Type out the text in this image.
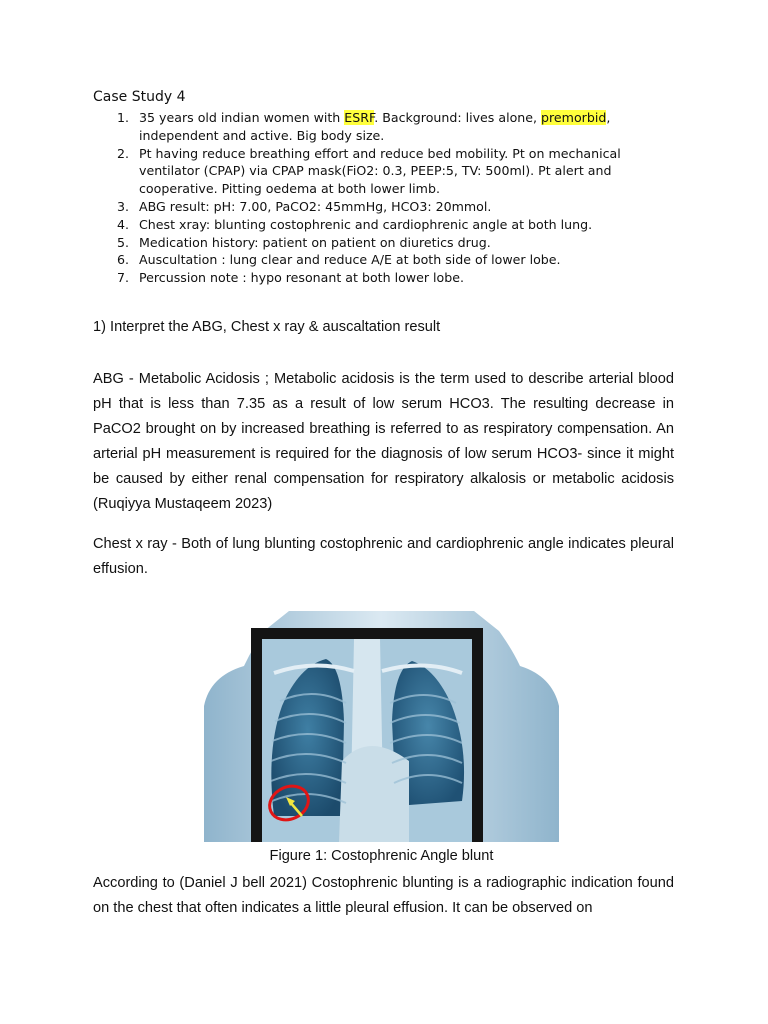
Case Study 4
1. 35 years old indian women with ESRF. Background: lives alone, premorbid, independent and active. Big body size.
2. Pt having reduce breathing effort and reduce bed mobility. Pt on mechanical ventilator (CPAP) via CPAP mask(FiO2: 0.3, PEEP:5, TV: 500ml). Pt alert and cooperative. Pitting oedema at both lower limb.
3. ABG result: pH: 7.00, PaCO2: 45mmHg, HCO3: 20mmol.
4. Chest xray: blunting costophrenic and cardiophrenic angle at both lung.
5. Medication history: patient on patient on diuretics drug.
6. Auscultation : lung clear and reduce A/E at both side of lower lobe.
7. Percussion note : hypo resonant at both lower lobe.
1) Interpret the ABG, Chest x ray & auscaltation result

ABG - Metabolic Acidosis ; Metabolic acidosis is the term used to describe arterial blood pH that is less than 7.35 as a result of low serum HCO3. The resulting decrease in PaCO2 brought on by increased breathing is referred to as respiratory compensation. An arterial pH measurement is required for the diagnosis of low serum HCO3- since it might be caused by either renal compensation for respiratory alkalosis or metabolic acidosis (Ruqiyya Mustaqeem 2023)

Chest x ray - Both of lung blunting costophrenic and cardiophrenic angle indicates pleural effusion.

Figure 1: Costophrenic Angle blunt

According to (Daniel J bell 2021) Costophrenic blunting is a radiographic indication found on the chest that often indicates a little pleural effusion. It can be observed on
